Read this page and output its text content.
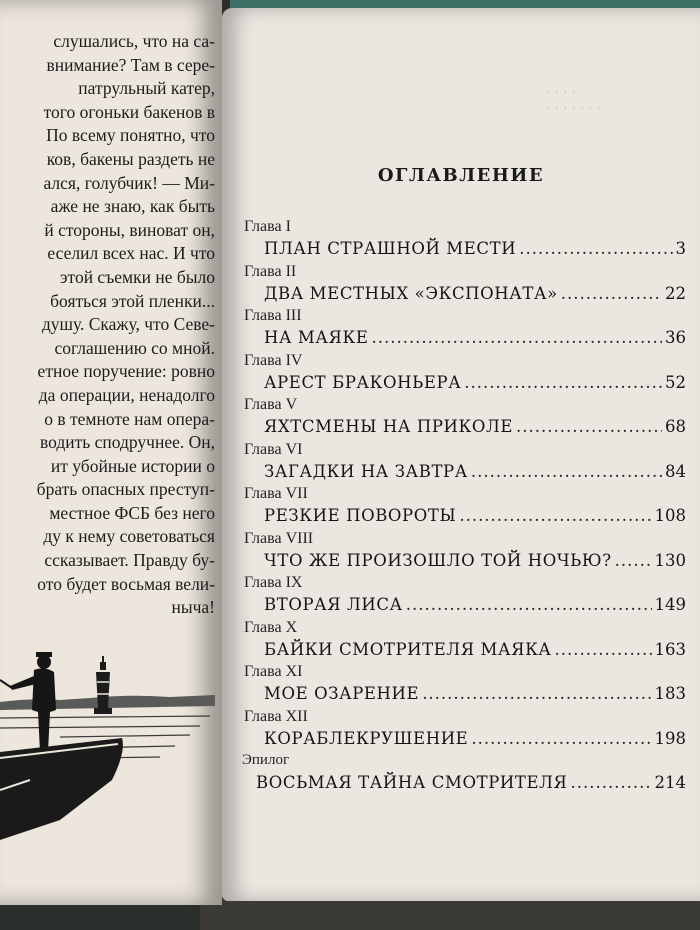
слушались, что на са-
внимание? Там в сере-
патрульный катер,
того огоньки бакенов в
По всему понятно, что
ков, бакены раздеть не
ался, голубчик! — Ми-
аже не знаю, как быть
й стороны, виноват он,
еселил всех нас. И что
этой съемки не было
бояться этой пленки...
душу. Скажу, что Севе-
соглашению со мной.
етное поручение: ровно
да операции, ненадолго
о в темноте нам опера-
водить сподручнее. Он,
ит убойные истории о
брать опасных преступ-
местное ФСБ без него
ду к нему советоваться
ссказывает. Правду бу-
ото будет восьмая вели-
ныча!
· · · ·
· · · · · · ·
ОГЛАВЛЕНИЕ
Глава I
ПЛАН СТРАШНОЙ МЕСТИ .....	3
Глава II
ДВА МЕСТНЫХ «ЭКСПОНАТА» .....	22
Глава III
НА МАЯКЕ .....	36
Глава IV
АРЕСТ БРАКОНЬЕРА .....	52
Глава V
ЯХТСМЕНЫ НА ПРИКОЛЕ .....	68
Глава VI
ЗАГАДКИ НА ЗАВТРА .....	84
Глава VII
РЕЗКИЕ ПОВОРОТЫ .....	108
Глава VIII
ЧТО ЖЕ ПРОИЗОШЛО ТОЙ НОЧЬЮ? .....	130
Глава IX
ВТОРАЯ ЛИСА .....	149
Глава X
БАЙКИ СМОТРИТЕЛЯ МАЯКА .....	163
Глава XI
МОЕ ОЗАРЕНИЕ .....	183
Глава XII
КОРАБЛЕКРУШЕНИЕ .....	198
Эпилог
ВОСЬМАЯ ТАЙНА СМОТРИТЕЛЯ .....	214
